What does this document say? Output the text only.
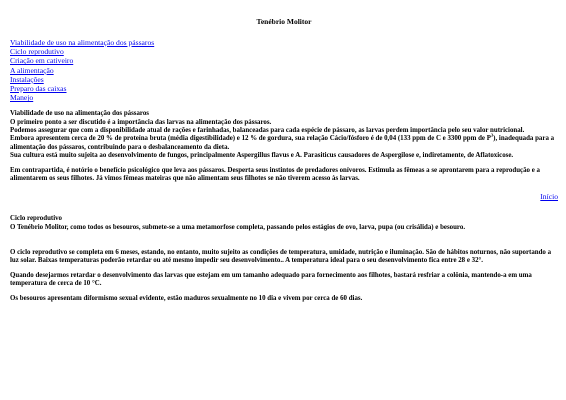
Tenébrio Molitor
Viabilidade de uso na alimentação dos pássaros
Ciclo reprodutivo
Criação em cativeiro
A alimentação
Instalações
Preparo das caixas
Manejo

Viabilidade de uso na alimentação dos pássaros

O primeiro ponto a ser discutido é a importância das larvas na alimentação dos pássaros.

Podemos assegurar que com a disponibilidade atual de rações e farinhadas, balanceadas para cada espécie de pássaro, as larvas perdem importância pelo seu valor nutricional.

Embora apresentem cerca de 20 % de proteína bruta (média digestibilidade) e 12 % de gordura, sua relação Cácio/fósforo é de 0,04 (133 ppm de C e 3300 ppm de $P^3$), inadequada para a alimentação dos pássaros, contribuindo para o desbalanceamento da dieta.

Sua cultura está muito sujeita ao desenvolvimento de fungos, principalmente Aspergillus flavus e A. Parasiticus causadores de Aspergilose e, indiretamente, de Aflatoxicose.

Em contrapartida, é notório o benefício psicológico que leva aos pássaros. Desperta seus instintos de predadores onívoros. Estimula as fêmeas a se aprontarem para a reprodução e a alimentarem os seus filhotes. Já vimos fêmeas mateiras que não alimentam seus filhotes se não tiverem acesso às larvas.

Início

Ciclo reprodutivo

O Tenébrio Molitor, como todos os besouros, submete-se a uma metamorfose completa, passando pelos estágios de ovo, larva, pupa (ou crisálida) e besouro.

O ciclo reprodutivo se completa em 6 meses, estando, no entanto, muito sujeito as condições de temperatura, umidade, nutrição e iluminação. São de hábitos noturnos, não suportando a luz solar. Baixas temperaturas poderão retardar ou até mesmo impedir seu desenvolvimento.. A temperatura ideal para o seu desenvolvimento fica entre 28 e 32°.

Quando desejarmos retardar o desenvolvimento das larvas que estejam em um tamanho adequado para fornecimento aos filhotes, bastará resfriar a colônia, mantendo-a em uma temperatura de cerca de 10 °C.

Os besouros apresentam diformismo sexual evidente, estão maduros sexualmente no 10 dia e vivem por cerca de 60 dias.
